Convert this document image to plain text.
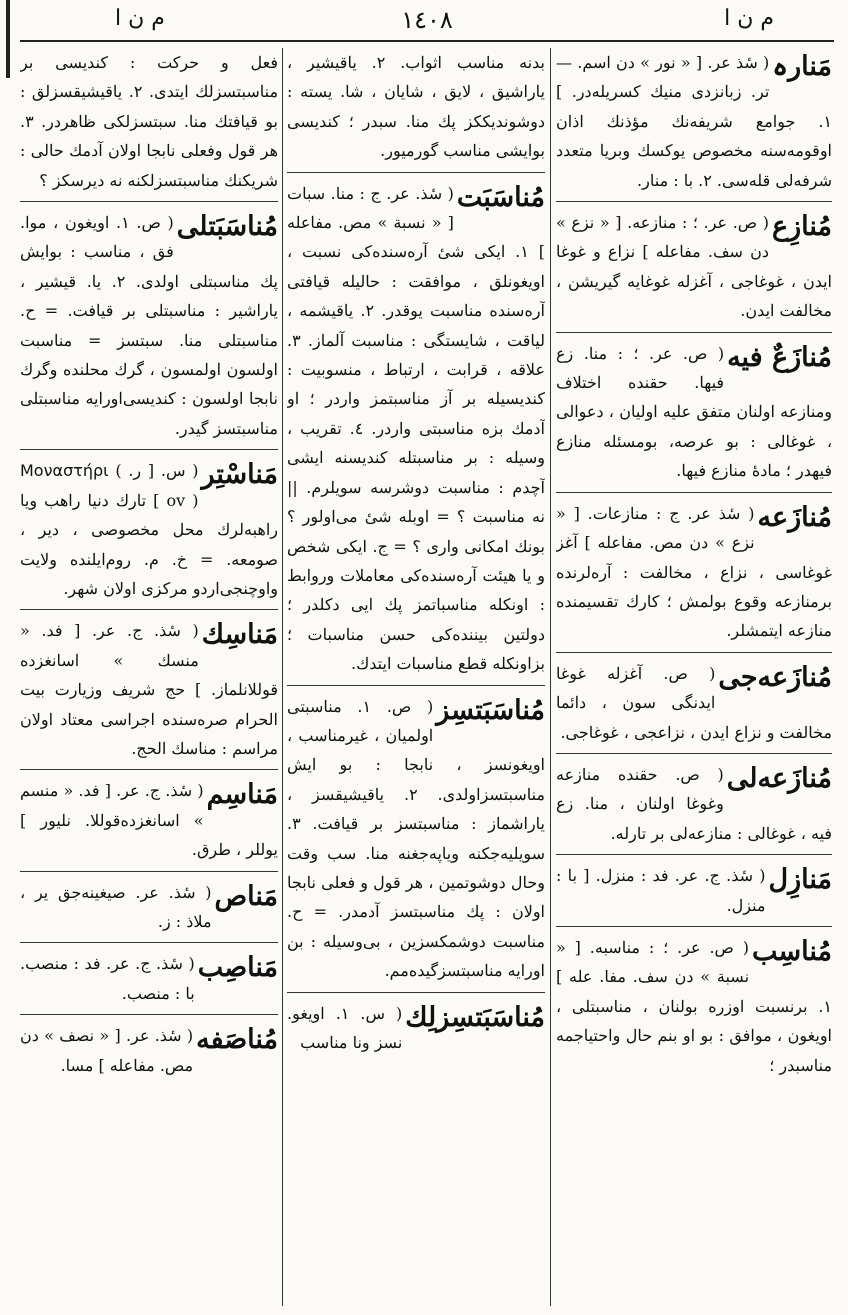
م ن ا	١٤٠٨	م ن ا
مَنارہ
( سٔذ عر. [ « نور » دن اسم. — تر. زبانزدی منیك كسریله‌در. ] ١. جوامع شریفه‌نك مؤذنك اذان اوقومه‌سنه مخصوص یوكسك وبریا متعدد شرفه‌لی قله‌سی. ٢. با : منار.
مُنازِع
( ص. عر. ؛ : منازعه. [ « نزع » دن سف. مفاعله ] نزاع و غوغا ایدن ، غوغاجی ، آغزله غوغایه گیریشن ، مخالفت ایدن.
مُنازَعٌ فیه
( ص. عر. ؛ : منا. زع فیها. حقنده اختلاف ومنازعه اولنان متفق علیه اولیان ، دعوالی ، غوغالی : بو عرصه، بومسئله منازع فیهدر ؛ مادهٔ منازع فیها.
مُنازَعه
( سٔذ عر. ج : منازعات. [ « نزع » دن مص. مفاعله ] آغز غوغاسی ، نزاع ، مخالفت : آره‌لرنده برمنازعه وقوع بولمش ؛ كارك تقسیمنده منازعه ایتمشلر.
مُنازَعه‌جی
( ص. آغزله غوغا ایدنگی سون ، دائما مخالفت و نزاع ایدن ، نزاعجی ، غوغاجی.
مُنازَعه‌لی
( ص. حقنده منازعه وغوغا اولنان ، منا. زع فیه ، غوغالی : منازعه‌لی بر تارله.
مَنازِل
( سٔذ. ج. عر. فد : منزل. [ با : منزل.
مُناسِب
( ص. عر. ؛ : مناسبه. [ « نسبة » دن سف. مفا. عله ] ١. برنسبت اوزره بولنان ، مناسبتلی ، اویغون ، موافق : بو او بنم حال واحتیاجمه مناسبدر ؛
بدنه مناسب اثواب. ٢. یاقیشیر ، یاراشیق ، لایق ، شایان ، شا. یسته : دوشوندیككز پك منا. سبدر ؛ كندیسی بوایشی مناسب گورمیور.
مُناسَبَت
( سٔذ. عر. ج : منا. سبات [ « نسبة » مص. مفاعله ] ١. ایكی شیٔ آره‌سنده‌كی نسبت ، اویغونلق ، موافقت : حالیله قیافتی آره‌سنده مناسبت یوقدر. ٢. یاقیشمه ، لیاقت ، شایستگی : مناسبت آلماز. ٣. علاقه ، قرابت ، ارتباط ، منسوبیت : كندیسیله بر آز مناسبتمز واردر ؛ او آدمك بزه مناسبتی واردر. ٤. تقریب ، وسیله : بر مناسبتله كندیسنه ایشی آچدم : مناسبت دوشرسه سویلرم. || نه مناسبت ؟ = اوبله شیٔ می‌اولور ؟ بونك امكانی واری ؟ = ج. ایكی شخص و یا هیئت آره‌سنده‌كی معاملات وروابط : اونكله مناسباتمز پك ایی دكلدر ؛ دولتین بیننده‌كی حسن مناسبات ؛ بزاونكله قطع مناسبات ایتدك.
مُناسَبَتسِز
( ص. ١. مناسبتی اولمیان ، غیرمناسب ، اویغونسز ، نابجا : بو ایش مناسبتسزاولدی. ٢. یاقیشیقسز ، یاراشماز : مناسبتسز بر قیافت. ٣. سویلیه‌جكنه ویاپه‌جغنه منا. سب وقت وحال دوشوتمین ، هر قول و فعلی نابجا اولان : پك مناسبتسز آدمدر. = ح. مناسبت دوشمكسزین ، بی‌وسیله : بن اورایه مناسبتسزگیده‌مم.
مُناسَبَتسِزلِك
( س. ١. اویغو. نسز ونا مناسب
فعل و حركت : كندیسی بر مناسبتسزلك ایتدی. ٢. یاقیشیقسزلق : بو قیافتك منا. سبتسزلكی ظاهردر. ٣. هر قول وفعلی نابجا اولان آدمك حالی : شریكنك مناسبتسزلكنه نه دیرسكز ؟
مُناسَبَتلی
( ص. ١. اویغون ، موا. فق ، مناسب : بوایش پك مناسبتلی اولدی. ٢. یا. قیشیر ، یاراشیر : مناسبتلی بر قیافت. = ح. مناسبتلی منا. سبتسز = مناسبت اولسون اولمسون ، گرك محلنده وگرك نابجا اولسون : كندیسی‌اورایه مناسبتلی مناسبتسز گیدر.
مَناسْتِر
( س. [ ر. Μοναστήρι ( ov ) ] تارك دنیا راهب ویا راهبه‌لرك محل مخصوصی ، دیر ، صومعه. = خ. م. روم‌ایلنده ولایت واوچنجی‌اردو مركزی اولان شهر.
مَناسِك
( سٔذ. ج. عر. [ فد. « منسك » اسانغزده قوللانلماز. ] حج شریف وزیارت بیت الحرام صره‌سنده اجراسی معتاد اولان مراسم : مناسك الحج.
مَناسِم
( سٔذ. ج. عر. [ فد. « منسم » اسانغزده‌قوللا. نلیور ] یوللر ، طرق.
مَناص
( سٔذ. عر. صیغینه‌جق یر ، ملاذ : ز.
مَناصِب
( سٔذ. ج. عر. فد : منصب. با : منصب.
مُناصَفه
( سٔذ. عر. [ « نصف » دن مص. مفاعله ] مسا.
